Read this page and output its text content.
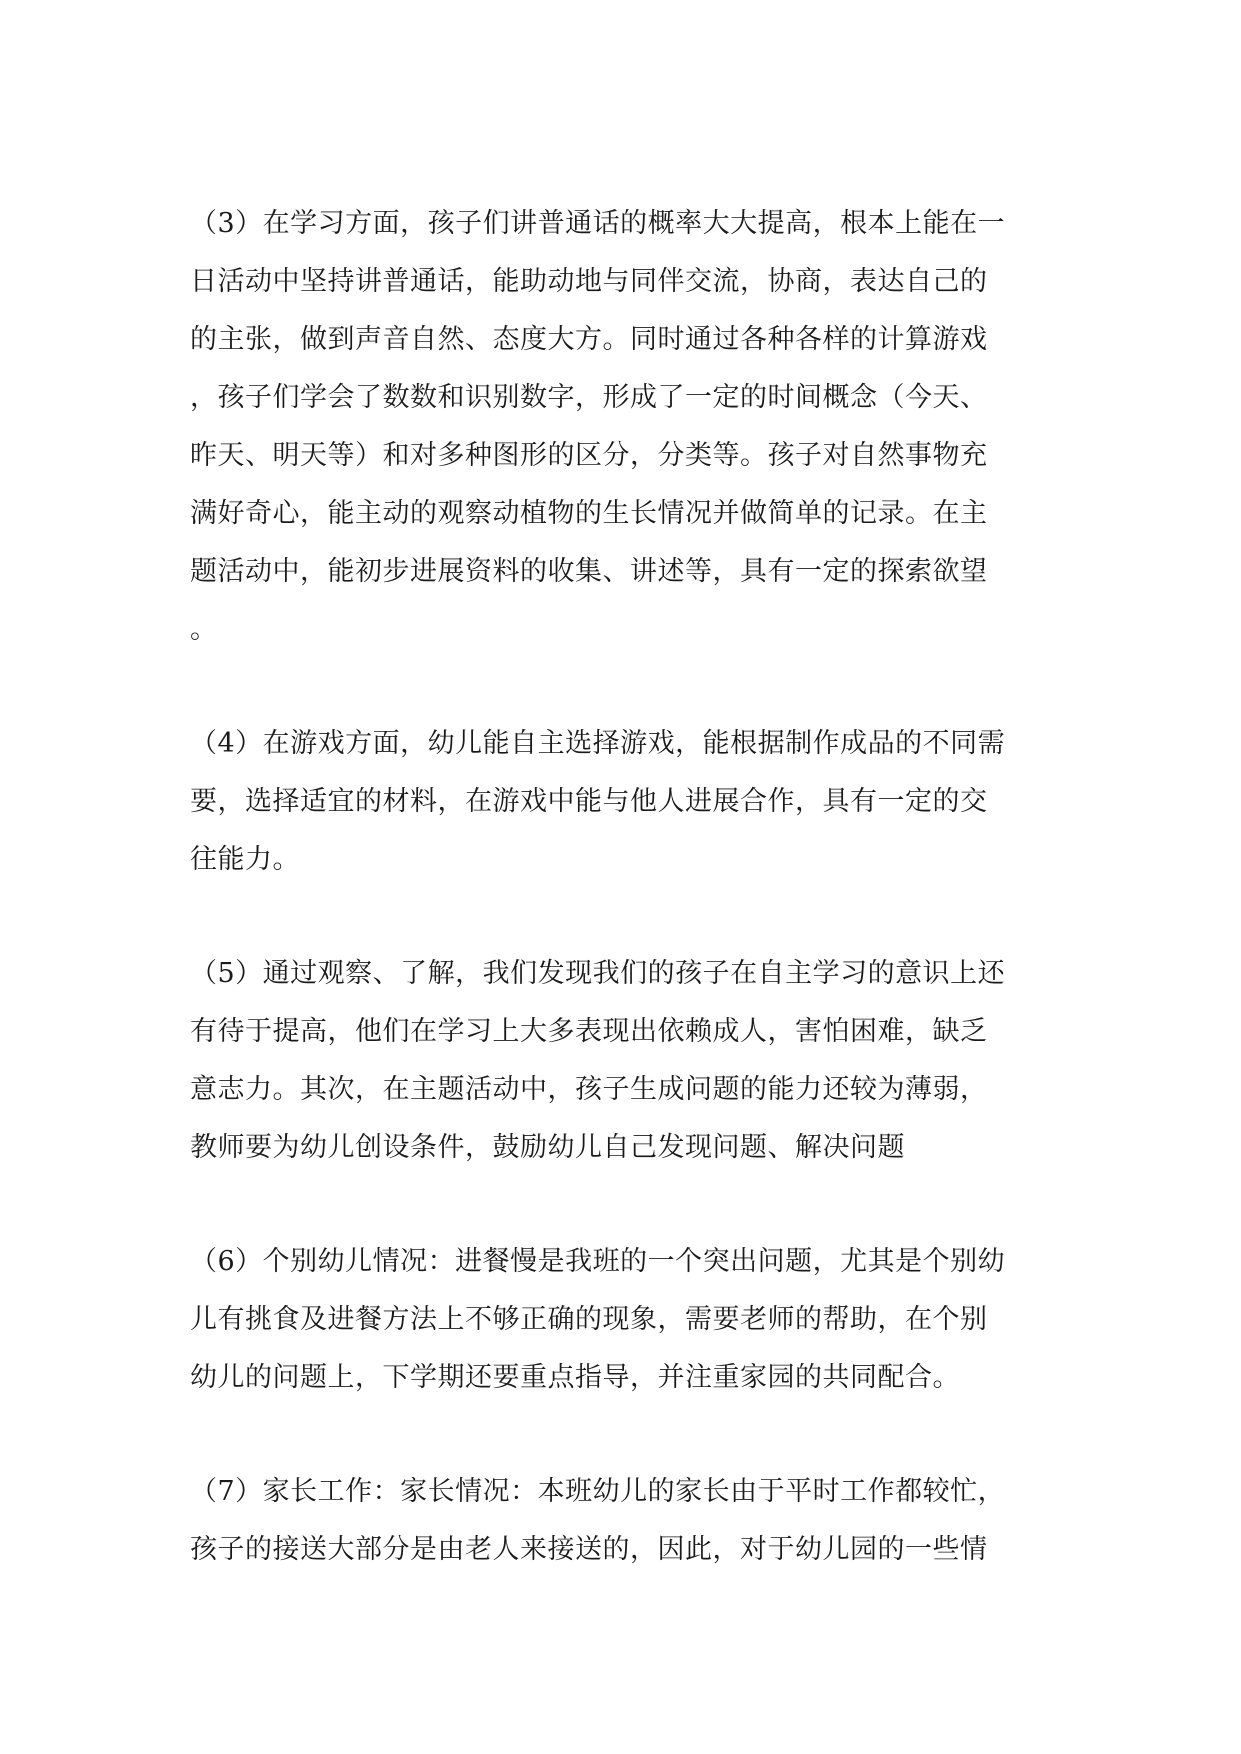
（3）在学习方面，孩子们讲普通话的概率大大提高，根本上能在一
日活动中坚持讲普通话，能助动地与同伴交流，协商，表达自己的
的主张，做到声音自然、态度大方。同时通过各种各样的计算游戏
，孩子们学会了数数和识别数字，形成了一定的时间概念（今天、
昨天、明天等）和对多种图形的区分，分类等。孩子对自然事物充
满好奇心，能主动的观察动植物的生长情况并做简单的记录。在主
题活动中，能初步进展资料的收集、讲述等，具有一定的探索欲望
。
（4）在游戏方面，幼儿能自主选择游戏，能根据制作成品的不同需
要，选择适宜的材料，在游戏中能与他人进展合作，具有一定的交
往能力。
（5）通过观察、了解，我们发现我们的孩子在自主学习的意识上还
有待于提高，他们在学习上大多表现出依赖成人，害怕困难，缺乏
意志力。其次，在主题活动中，孩子生成问题的能力还较为薄弱，
教师要为幼儿创设条件，鼓励幼儿自己发现问题、解决问题
（6）个别幼儿情况：进餐慢是我班的一个突出问题，尤其是个别幼
儿有挑食及进餐方法上不够正确的现象，需要老师的帮助，在个别
幼儿的问题上，下学期还要重点指导，并注重家园的共同配合。
（7）家长工作：家长情况：本班幼儿的家长由于平时工作都较忙，
孩子的接送大部分是由老人来接送的，因此，对于幼儿园的一些情
